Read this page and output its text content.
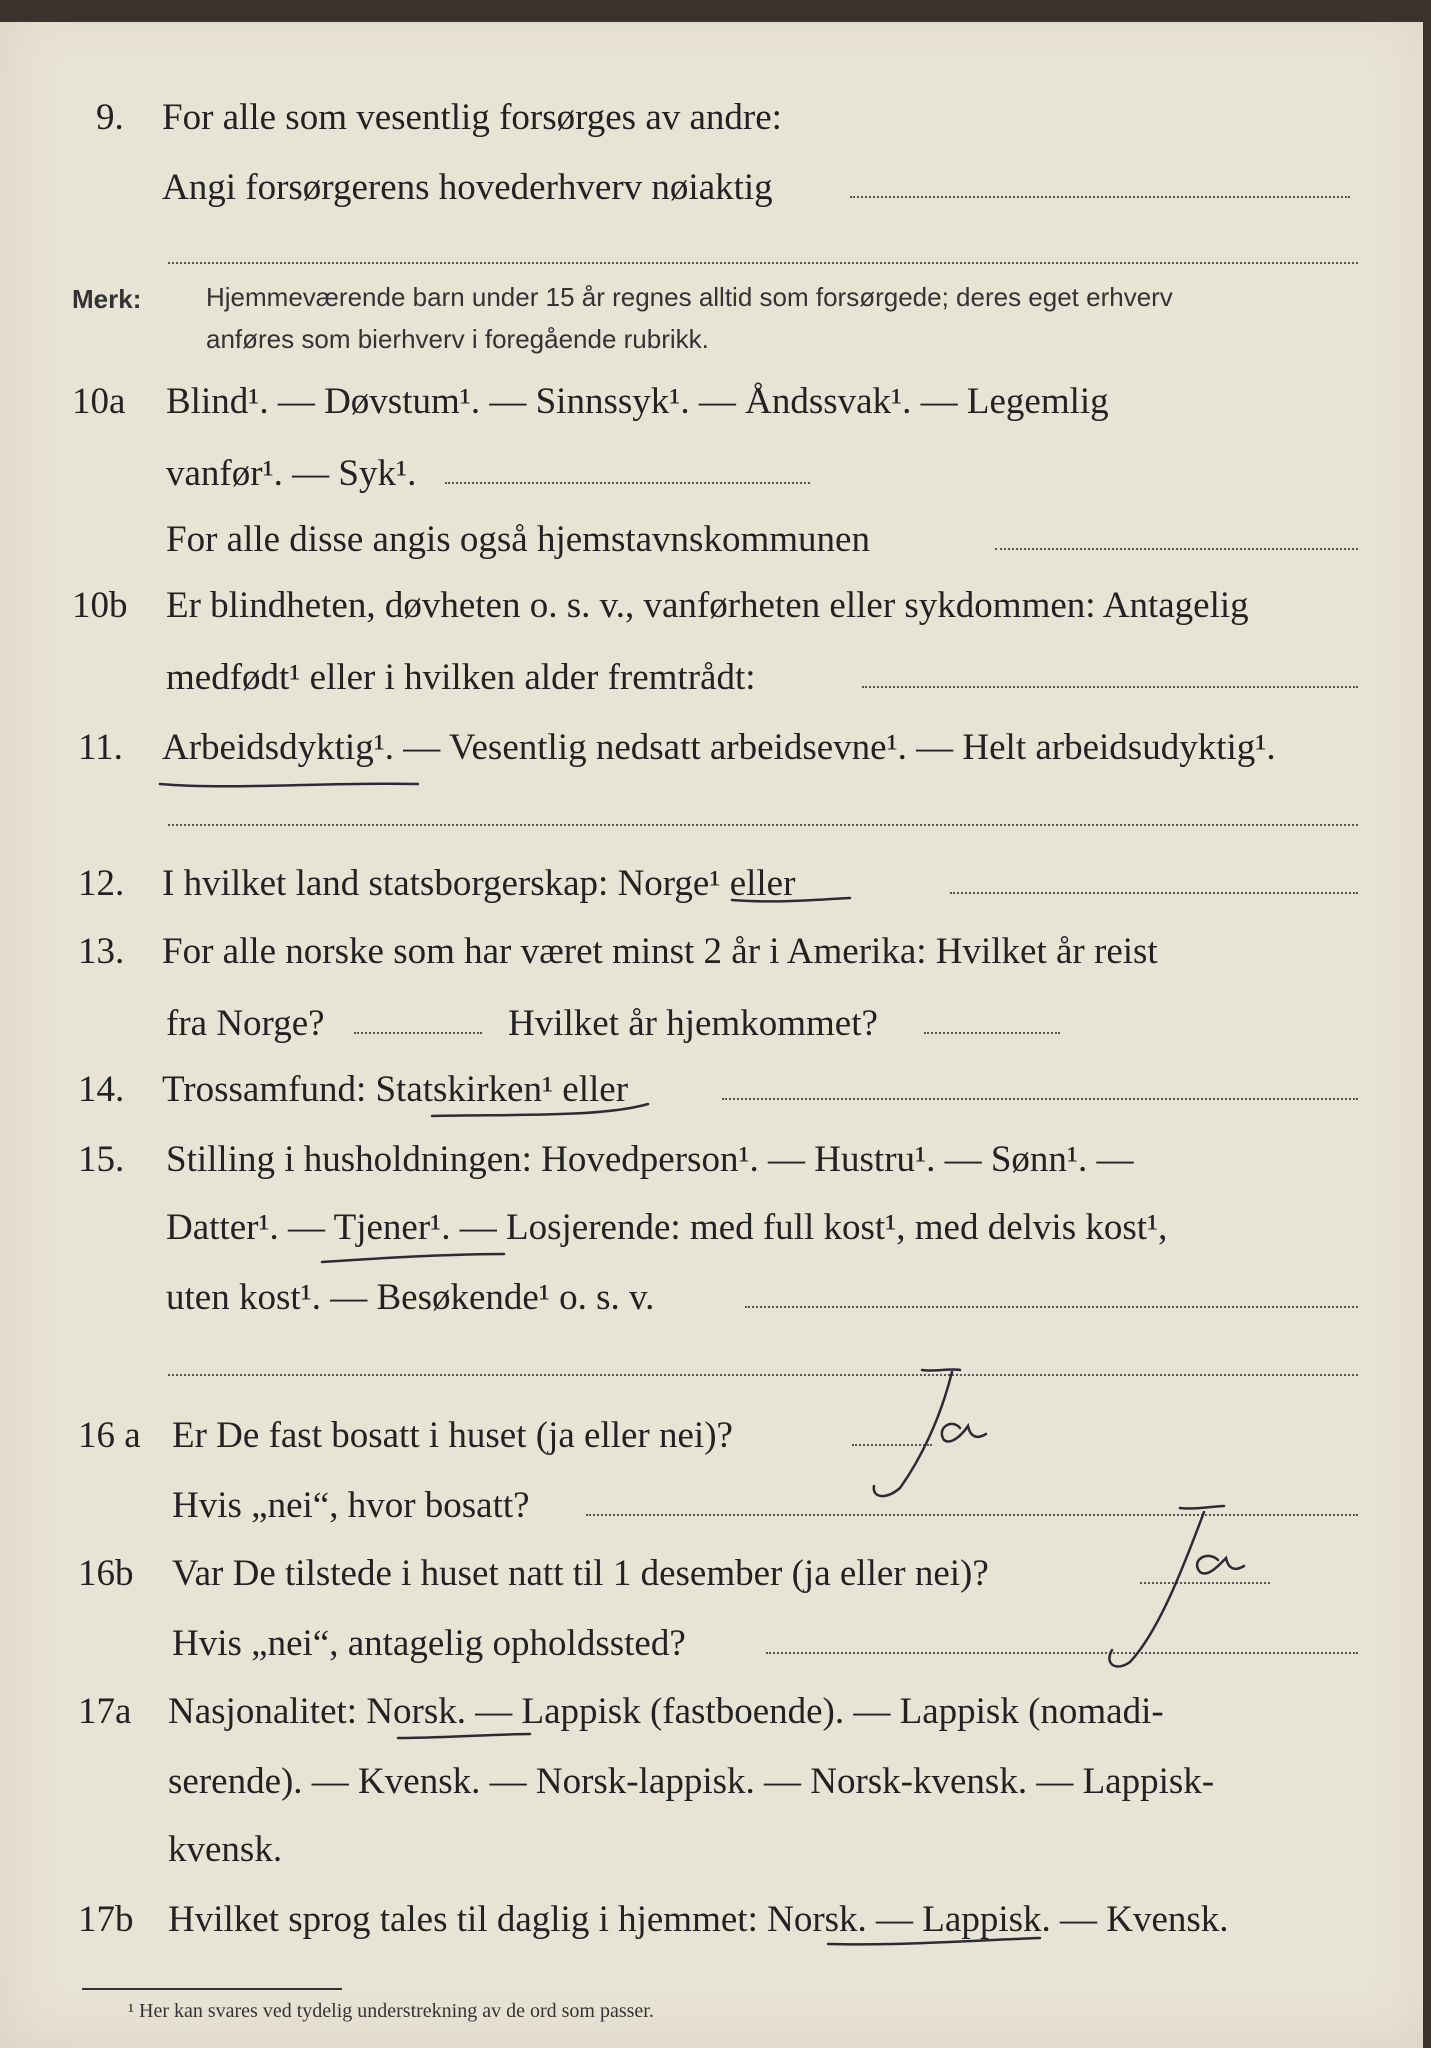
9. For alle som vesentlig forsørges av andre:
Angi forsørgerens hovederhverv nøiaktig
Merk: Hjemmeværende barn under 15 år regnes alltid som forsørgede; deres eget erhverv
anføres som bierhverv i foregående rubrikk.
10a Blind¹. — Døvstum¹. — Sinnssyk¹. — Åndssvak¹. — Legemlig
vanfør¹. — Syk¹.
For alle disse angis også hjemstavnskommunen
10b Er blindheten, døvheten o. s. v., vanførheten eller sykdommen: Antagelig
medfødt¹ eller i hvilken alder fremtrådt:
11. Arbeidsdyktig¹. — Vesentlig nedsatt arbeidsevne¹. — Helt arbeidsudyktig¹.
12. I hvilket land statsborgerskap: Norge¹ eller
13. For alle norske som har været minst 2 år i Amerika: Hvilket år reist
fra Norge?	Hvilket år hjemkommet?
14. Trossamfund: Statskirken¹ eller
15. Stilling i husholdningen: Hovedperson¹. — Hustru¹. — Sønn¹. —
Datter¹. — Tjener¹. — Losjerende: med full kost¹, med delvis kost¹,
uten kost¹. — Besøkende¹ o. s. v.
16 a Er De fast bosatt i huset (ja eller nei)?
Hvis „nei“, hvor bosatt?
16b Var De tilstede i huset natt til 1 desember (ja eller nei)?
Hvis „nei“, antagelig opholdssted?
17a Nasjonalitet: Norsk. — Lappisk (fastboende). — Lappisk (nomadi-
serende). — Kvensk. — Norsk-lappisk. — Norsk-kvensk. — Lappisk-
kvensk.
17b Hvilket sprog tales til daglig i hjemmet: Norsk. — Lappisk. — Kvensk.
¹ Her kan svares ved tydelig understrekning av de ord som passer.
